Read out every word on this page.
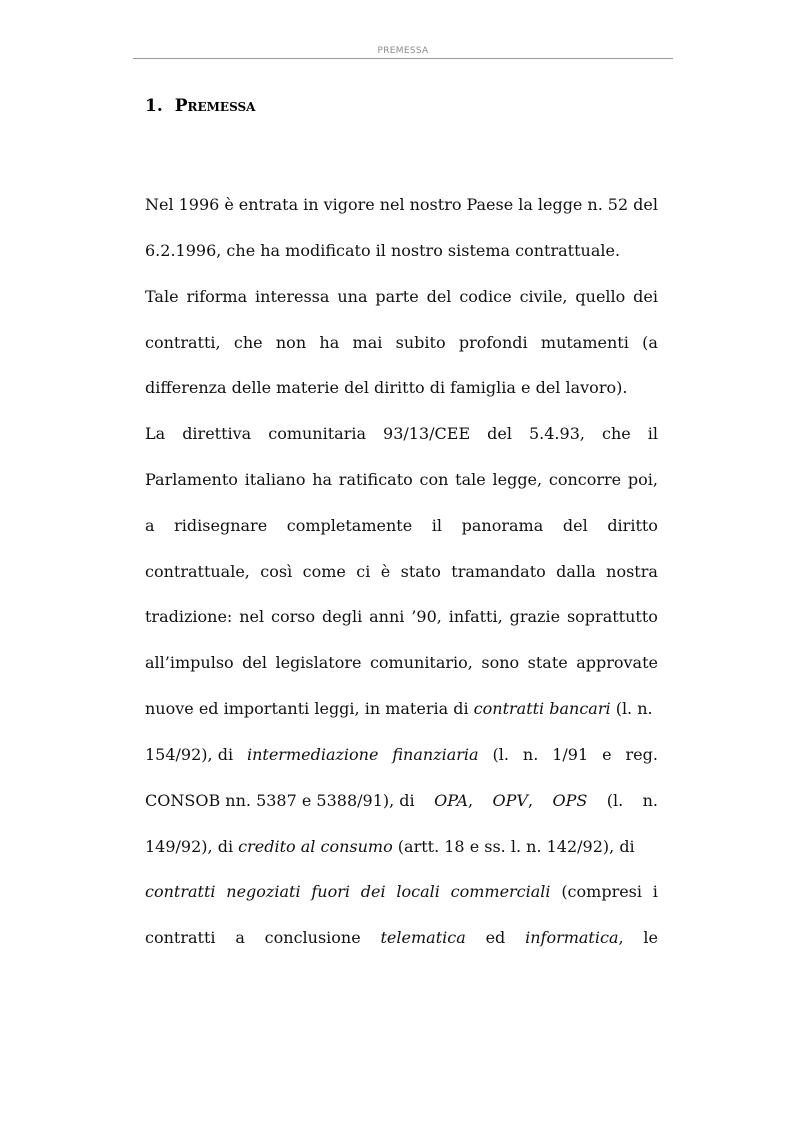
PREMESSA
1. Premessa
Nel 1996 è entrata in vigore nel nostro Paese la legge n. 52 del
6.2.1996, che ha modificato il nostro sistema contrattuale.
Tale riforma interessa una parte del codice civile, quello dei
contratti, che non ha mai subito profondi mutamenti (a
differenza delle materie del diritto di famiglia e del lavoro).
La direttiva comunitaria 93/13/CEE del 5.4.93, che il
Parlamento italiano ha ratificato con tale legge, concorre poi,
a ridisegnare completamente il panorama del diritto
contrattuale, così come ci è stato tramandato dalla nostra
tradizione: nel corso degli anni ’90, infatti, grazie soprattutto
all’impulso del legislatore comunitario, sono state approvate
nuove ed importanti leggi, in materia di contratti bancari (l. n.
154/92), di intermediazione finanziaria (l. n. 1/91 e reg.
CONSOB nn. 5387 e 5388/91), di OPA, OPV, OPS (l. n.
149/92), di credito al consumo (artt. 18 e ss. l. n. 142/92), di
contratti negoziati fuori dei locali commerciali (compresi i
contratti a conclusione telematica ed informatica, le
